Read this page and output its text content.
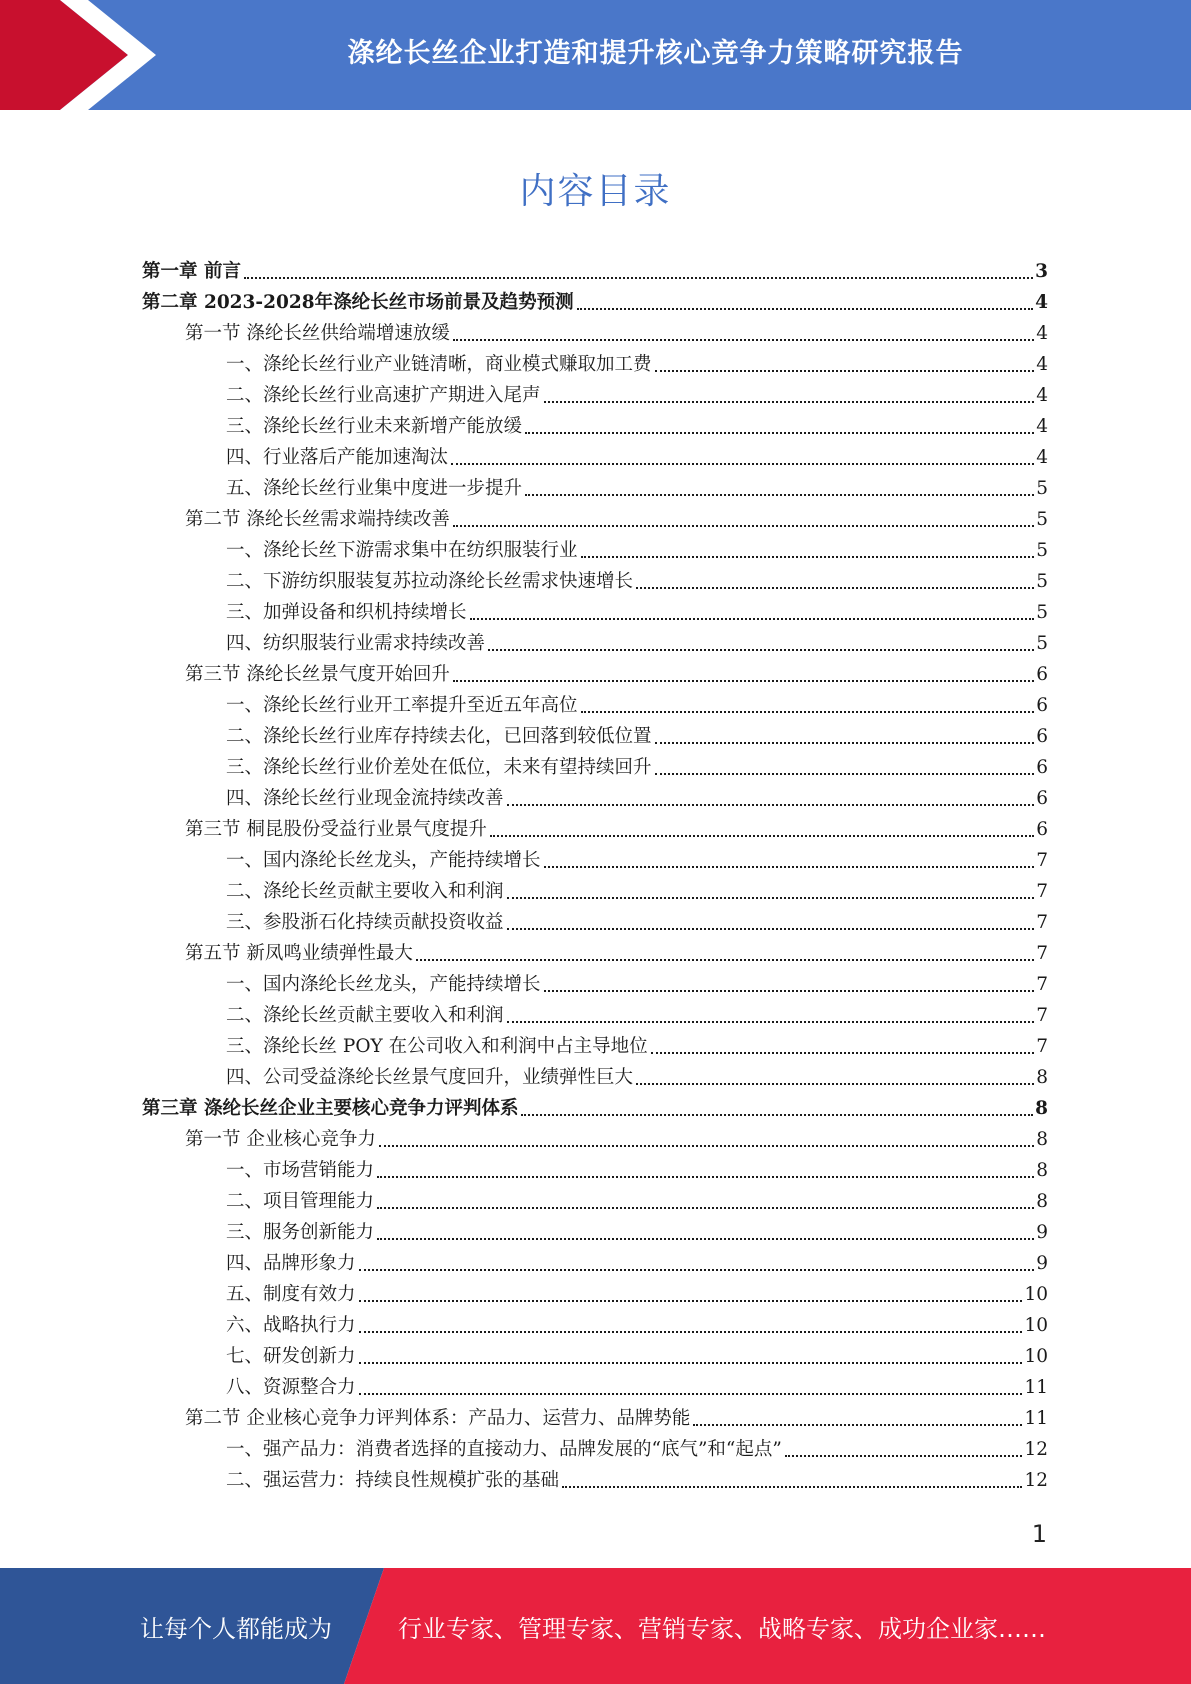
涤纶长丝企业打造和提升核心竞争力策略研究报告
内容目录
第一章 前言	3
第二章 2023-2028年涤纶长丝市场前景及趋势预测	4
第一节 涤纶长丝供给端增速放缓	4
一、涤纶长丝行业产业链清晰，商业模式赚取加工费	4
二、涤纶长丝行业高速扩产期进入尾声	4
三、涤纶长丝行业未来新增产能放缓	4
四、行业落后产能加速淘汰	4
五、涤纶长丝行业集中度进一步提升	5
第二节 涤纶长丝需求端持续改善	5
一、涤纶长丝下游需求集中在纺织服装行业	5
二、下游纺织服装复苏拉动涤纶长丝需求快速增长	5
三、加弹设备和织机持续增长	5
四、纺织服装行业需求持续改善	5
第三节 涤纶长丝景气度开始回升	6
一、涤纶长丝行业开工率提升至近五年高位	6
二、涤纶长丝行业库存持续去化，已回落到较低位置	6
三、涤纶长丝行业价差处在低位，未来有望持续回升	6
四、涤纶长丝行业现金流持续改善	6
第三节 桐昆股份受益行业景气度提升	6
一、国内涤纶长丝龙头，产能持续增长	7
二、涤纶长丝贡献主要收入和利润	7
三、参股浙石化持续贡献投资收益	7
第五节 新凤鸣业绩弹性最大	7
一、国内涤纶长丝龙头，产能持续增长	7
二、涤纶长丝贡献主要收入和利润	7
三、涤纶长丝 POY 在公司收入和利润中占主导地位	7
四、公司受益涤纶长丝景气度回升，业绩弹性巨大	8
第三章 涤纶长丝企业主要核心竞争力评判体系	8
第一节 企业核心竞争力	8
一、市场营销能力	8
二、项目管理能力	8
三、服务创新能力	9
四、品牌形象力	9
五、制度有效力	10
六、战略执行力	10
七、研发创新力	10
八、资源整合力	11
第二节 企业核心竞争力评判体系：产品力、运营力、品牌势能	11
一、强产品力：消费者选择的直接动力、品牌发展的“底气”和“起点”	12
二、强运营力：持续良性规模扩张的基础	12
1
让每个人都能成为	行业专家、管理专家、营销专家、战略专家、成功企业家……
